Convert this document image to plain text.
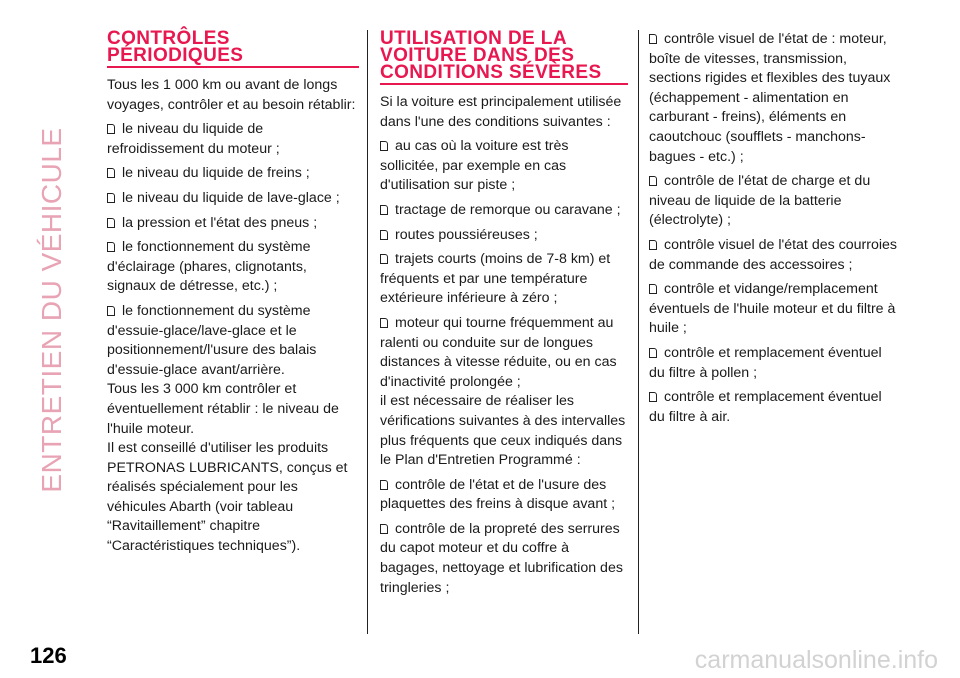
ENTRETIEN DU VÉHICULE
CONTRÔLES PÉRIODIQUES

Tous les 1 000 km ou avant de longs voyages, contrôler et au besoin rétablir:

le niveau du liquide de refroidissement du moteur ;
le niveau du liquide de freins ;
le niveau du liquide de lave-glace ;
la pression et l'état des pneus ;
le fonctionnement du système d'éclairage (phares, clignotants, signaux de détresse, etc.) ;
le fonctionnement du système d'essuie-glace/lave-glace et le positionnement/l'usure des balais d'essuie-glace avant/arrière.

Tous les 3 000 km contrôler et éventuellement rétablir : le niveau de l'huile moteur.

Il est conseillé d'utiliser les produits PETRONAS LUBRICANTS, conçus et réalisés spécialement pour les véhicules Abarth (voir tableau “Ravitaillement” chapitre “Caractéristiques techniques”).

UTILISATION DE LA VOITURE DANS DES CONDITIONS SÉVÈRES

Si la voiture est principalement utilisée dans l'une des conditions suivantes :

au cas où la voiture est très sollicitée, par exemple en cas d'utilisation sur piste ;
tractage de remorque ou caravane ;
routes poussiéreuses ;
trajets courts (moins de 7-8 km) et fréquents et par une température extérieure inférieure à zéro ;
moteur qui tourne fréquemment au ralenti ou conduite sur de longues distances à vitesse réduite, ou en cas d'inactivité prolongée ;

il est nécessaire de réaliser les vérifications suivantes à des intervalles plus fréquents que ceux indiqués dans le Plan d'Entretien Programmé :

contrôle de l'état et de l'usure des plaquettes des freins à disque avant ;
contrôle de la propreté des serrures du capot moteur et du coffre à bagages, nettoyage et lubrification des tringleries ;
contrôle visuel de l'état de : moteur, boîte de vitesses, transmission, sections rigides et flexibles des tuyaux (échappement - alimentation en carburant - freins), éléments en caoutchouc (soufflets - manchons-bagues - etc.) ;
contrôle de l'état de charge et du niveau de liquide de la batterie (électrolyte) ;
contrôle visuel de l'état des courroies de commande des accessoires ;
contrôle et vidange/remplacement éventuels de l'huile moteur et du filtre à huile ;
contrôle et remplacement éventuel du filtre à pollen ;
contrôle et remplacement éventuel du filtre à air.
126	carmanualsonline.info
